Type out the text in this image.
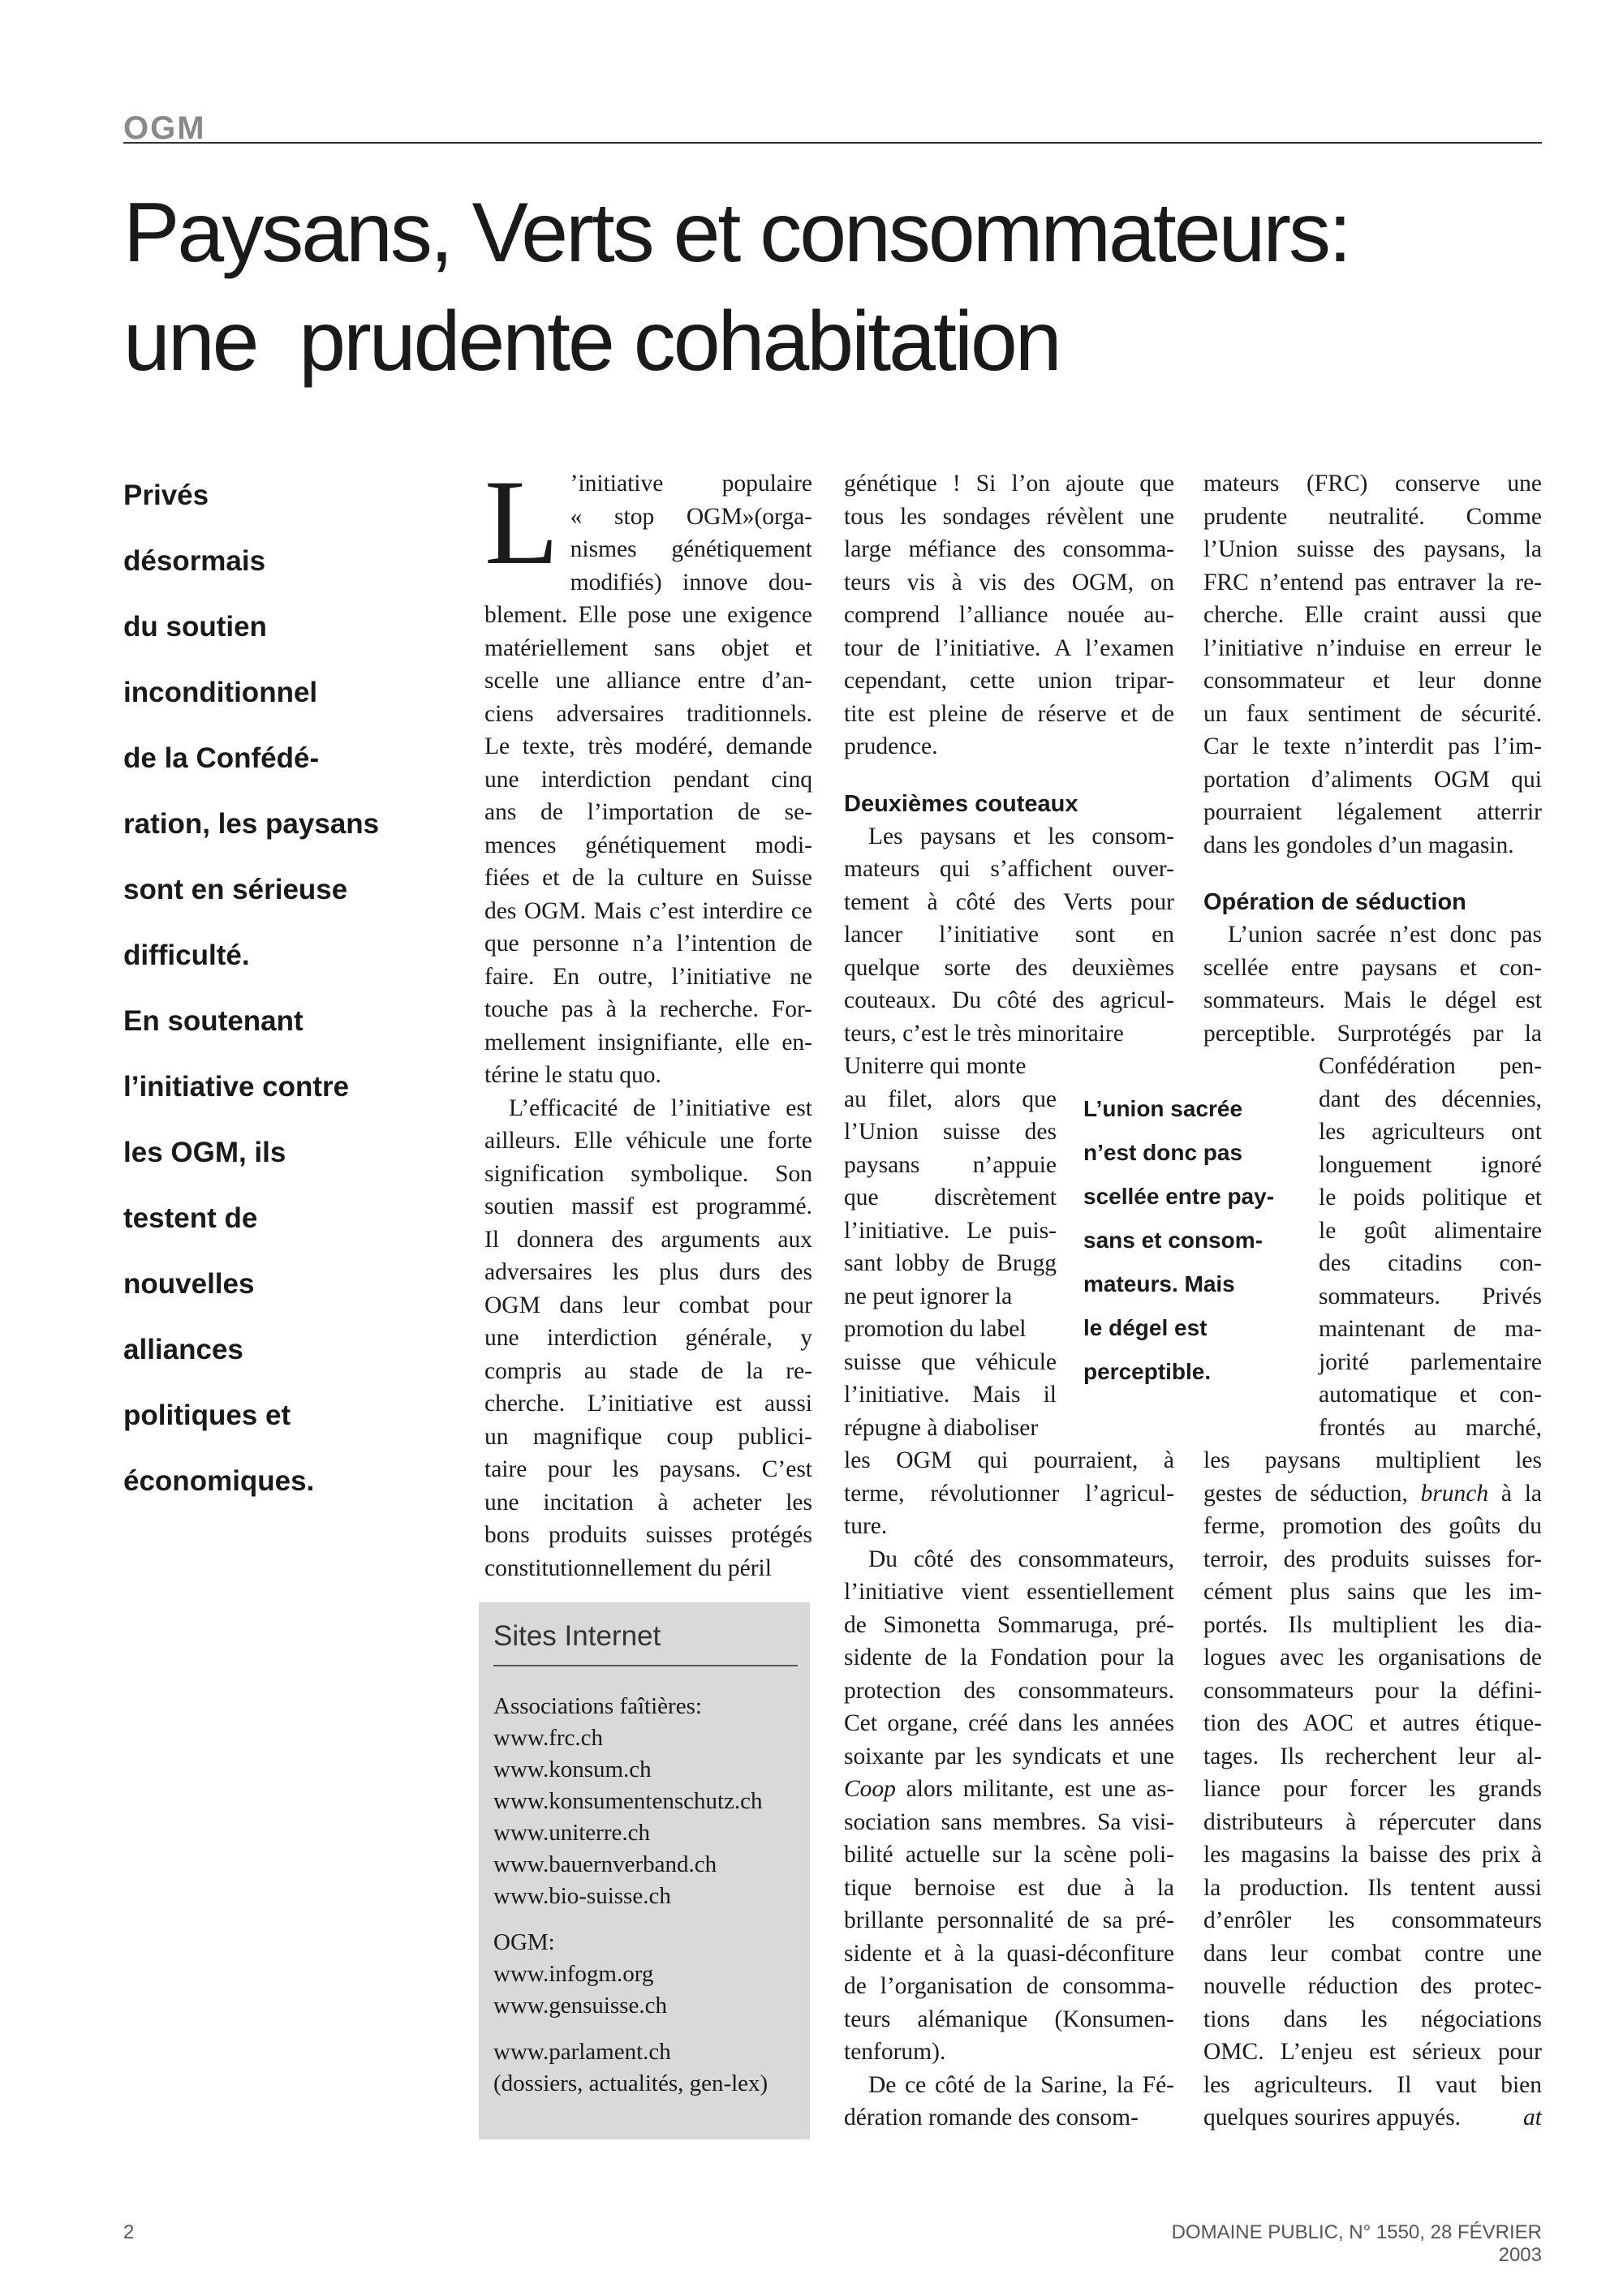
OGM
Paysans, Verts et consommateurs:
une  prudente cohabitation
Privés
désormais
du soutien
inconditionnel
de la Confédé-
ration, les paysans
sont en sérieuse
difficulté.
En soutenant
l’initiative contre
les OGM, ils
testent de
nouvelles
alliances
politiques et
économiques.
L ’initiative populaire
« stop OGM»(orga-
nismes génétiquement
modifiés) innove dou-
blement. Elle pose une exigence
matériellement sans objet et
scelle une alliance entre d’an-
ciens adversaires traditionnels.
Le texte, très modéré, demande
une interdiction pendant cinq
ans de l’importation de se-
mences génétiquement modi-
fiées et de la culture en Suisse
des OGM. Mais c’est interdire ce
que personne n’a l’intention de
faire. En outre, l’initiative ne
touche pas à la recherche. For-
mellement insignifiante, elle en-
térine le statu quo.
L’efficacité de l’initiative est
ailleurs. Elle véhicule une forte
signification symbolique. Son
soutien massif est programmé.
Il donnera des arguments aux
adversaires les plus durs des
OGM dans leur combat pour
une interdiction générale, y
compris au stade de la re-
cherche. L’initiative est aussi
un magnifique coup publici-
taire pour les paysans. C’est
une incitation à acheter les
bons produits suisses protégés
constitutionnellement du péril
génétique ! Si l’on ajoute que
tous les sondages révèlent une
large méfiance des consomma-
teurs vis à vis des OGM, on
comprend l’alliance nouée au-
tour de l’initiative. A l’examen
cependant, cette union tripar-
tite est pleine de réserve et de
prudence.
Deuxièmes couteaux
Les paysans et les consom-
mateurs qui s’affichent ouver-
tement à côté des Verts pour
lancer l’initiative sont en
quelque sorte des deuxièmes
couteaux. Du côté des agricul-
teurs, c’est le très minoritaire
Uniterre qui monte
au filet, alors que
l’Union suisse des
paysans n’appuie
que discrètement
l’initiative. Le puis-
sant lobby de Brugg
ne peut ignorer la
promotion du label
suisse que véhicule
l’initiative. Mais il
répugne à diaboliser
les OGM qui pourraient, à
terme, révolutionner l’agricul-
ture.
Du côté des consommateurs,
l’initiative vient essentiellement
de Simonetta Sommaruga, pré-
sidente de la Fondation pour la
protection des consommateurs.
Cet organe, créé dans les années
soixante par les syndicats et une
Coop alors militante, est une as-
sociation sans membres. Sa visi-
bilité actuelle sur la scène poli-
tique bernoise est due à la
brillante personnalité de sa pré-
sidente et à la quasi-déconfiture
de l’organisation de consomma-
teurs alémanique (Konsumen-
tenforum).
De ce côté de la Sarine, la Fé-
dération romande des consom-
L’union sacrée
n’est donc pas
scellée entre pay-
sans et consom-
mateurs. Mais
le dégel est
perceptible.
mateurs (FRC) conserve une
prudente neutralité. Comme
l’Union suisse des paysans, la
FRC n’entend pas entraver la re-
cherche. Elle craint aussi que
l’initiative n’induise en erreur le
consommateur et leur donne
un faux sentiment de sécurité.
Car le texte n’interdit pas l’im-
portation d’aliments OGM qui
pourraient légalement atterrir
dans les gondoles d’un magasin.
Opération de séduction
L’union sacrée n’est donc pas
scellée entre paysans et con-
sommateurs. Mais le dégel est
perceptible. Surprotégés par la
Confédération pen-
dant des décennies,
les agriculteurs ont
longuement ignoré
le poids politique et
le goût alimentaire
des citadins con-
sommateurs. Privés
maintenant de ma-
jorité parlementaire
automatique et con-
frontés au marché,
les paysans multiplient les
gestes de séduction, brunch à la
ferme, promotion des goûts du
terroir, des produits suisses for-
cément plus sains que les im-
portés. Ils multiplient les dia-
logues avec les organisations de
consommateurs pour la défini-
tion des AOC et autres étique-
tages. Ils recherchent leur al-
liance pour forcer les grands
distributeurs à répercuter dans
les magasins la baisse des prix à
la production. Ils tentent aussi
d’enrôler les consommateurs
dans leur combat contre une
nouvelle réduction des protec-
tions dans les négociations
OMC. L’enjeu est sérieux pour
les agriculteurs. Il vaut bien
quelques sourires appuyés.	at
Sites Internet
Associations faîtières:
www.frc.ch
www.konsum.ch
www.konsumentenschutz.ch
www.uniterre.ch
www.bauernverband.ch
www.bio-suisse.ch
OGM:
www.infogm.org
www.gensuisse.ch
www.parlament.ch
(dossiers, actualités, gen-lex)
2	DOMAINE PUBLIC, N° 1550, 28 FÉVRIER 2003
